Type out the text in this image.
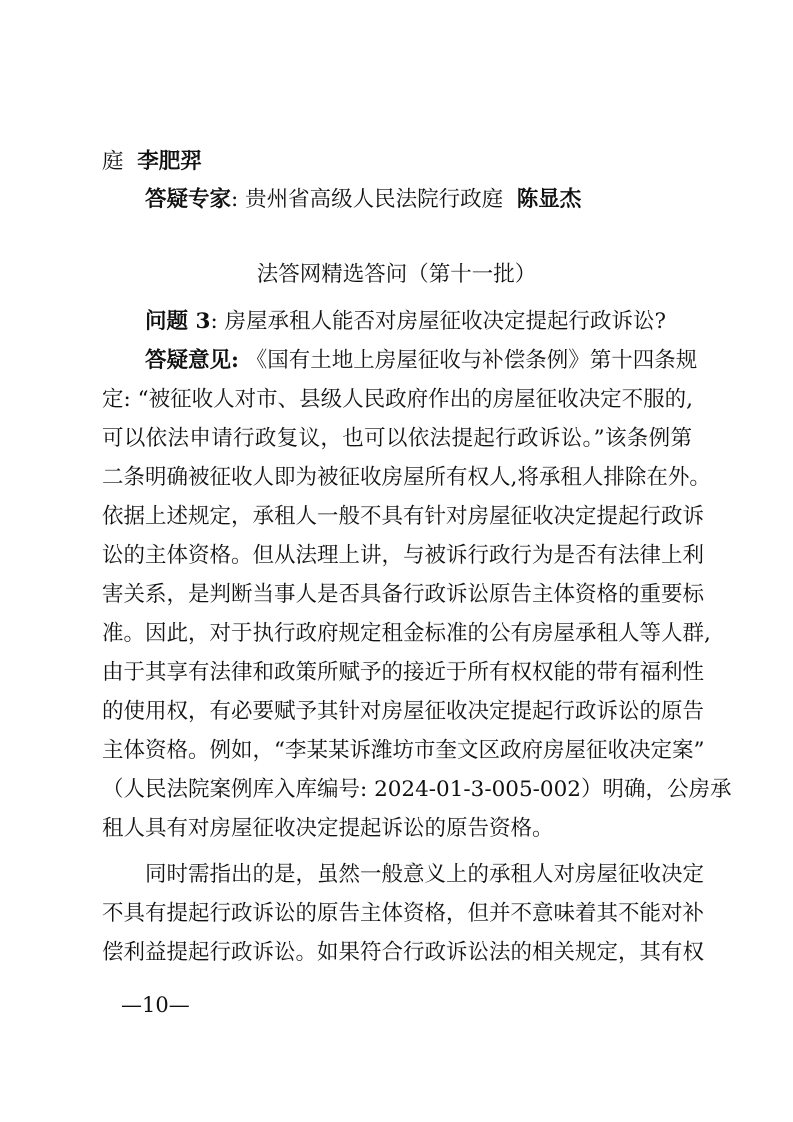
庭 李肥羿

答疑专家: 贵州省高级人民法院行政庭 陈显杰

法答网精选答问（第十一批）

问题 3: 房屋承租人能否对房屋征收决定提起行政诉讼?

答疑意见: 《国有土地上房屋征收与补偿条例》第十四条规

定: “被征收人对市、县级人民政府作出的房屋征收决定不服的,

可以依法申请行政复议，也可以依法提起行政诉讼。”该条例第

二条明确被征收人即为被征收房屋所有权人,将承租人排除在外。

依据上述规定，承租人一般不具有针对房屋征收决定提起行政诉

讼的主体资格。但从法理上讲，与被诉行政行为是否有法律上利

害关系，是判断当事人是否具备行政诉讼原告主体资格的重要标

准。因此，对于执行政府规定租金标准的公有房屋承租人等人群,

由于其享有法律和政策所赋予的接近于所有权权能的带有福利性

的使用权，有必要赋予其针对房屋征收决定提起行政诉讼的原告

主体资格。例如，“李某某诉潍坊市奎文区政府房屋征收决定案”

（人民法院案例库入库编号: 2024-01-3-005-002）明确，公房承

租人具有对房屋征收决定提起诉讼的原告资格。

同时需指出的是，虽然一般意义上的承租人对房屋征收决定

不具有提起行政诉讼的原告主体资格，但并不意味着其不能对补

偿利益提起行政诉讼。如果符合行政诉讼法的相关规定，其有权

—10—
